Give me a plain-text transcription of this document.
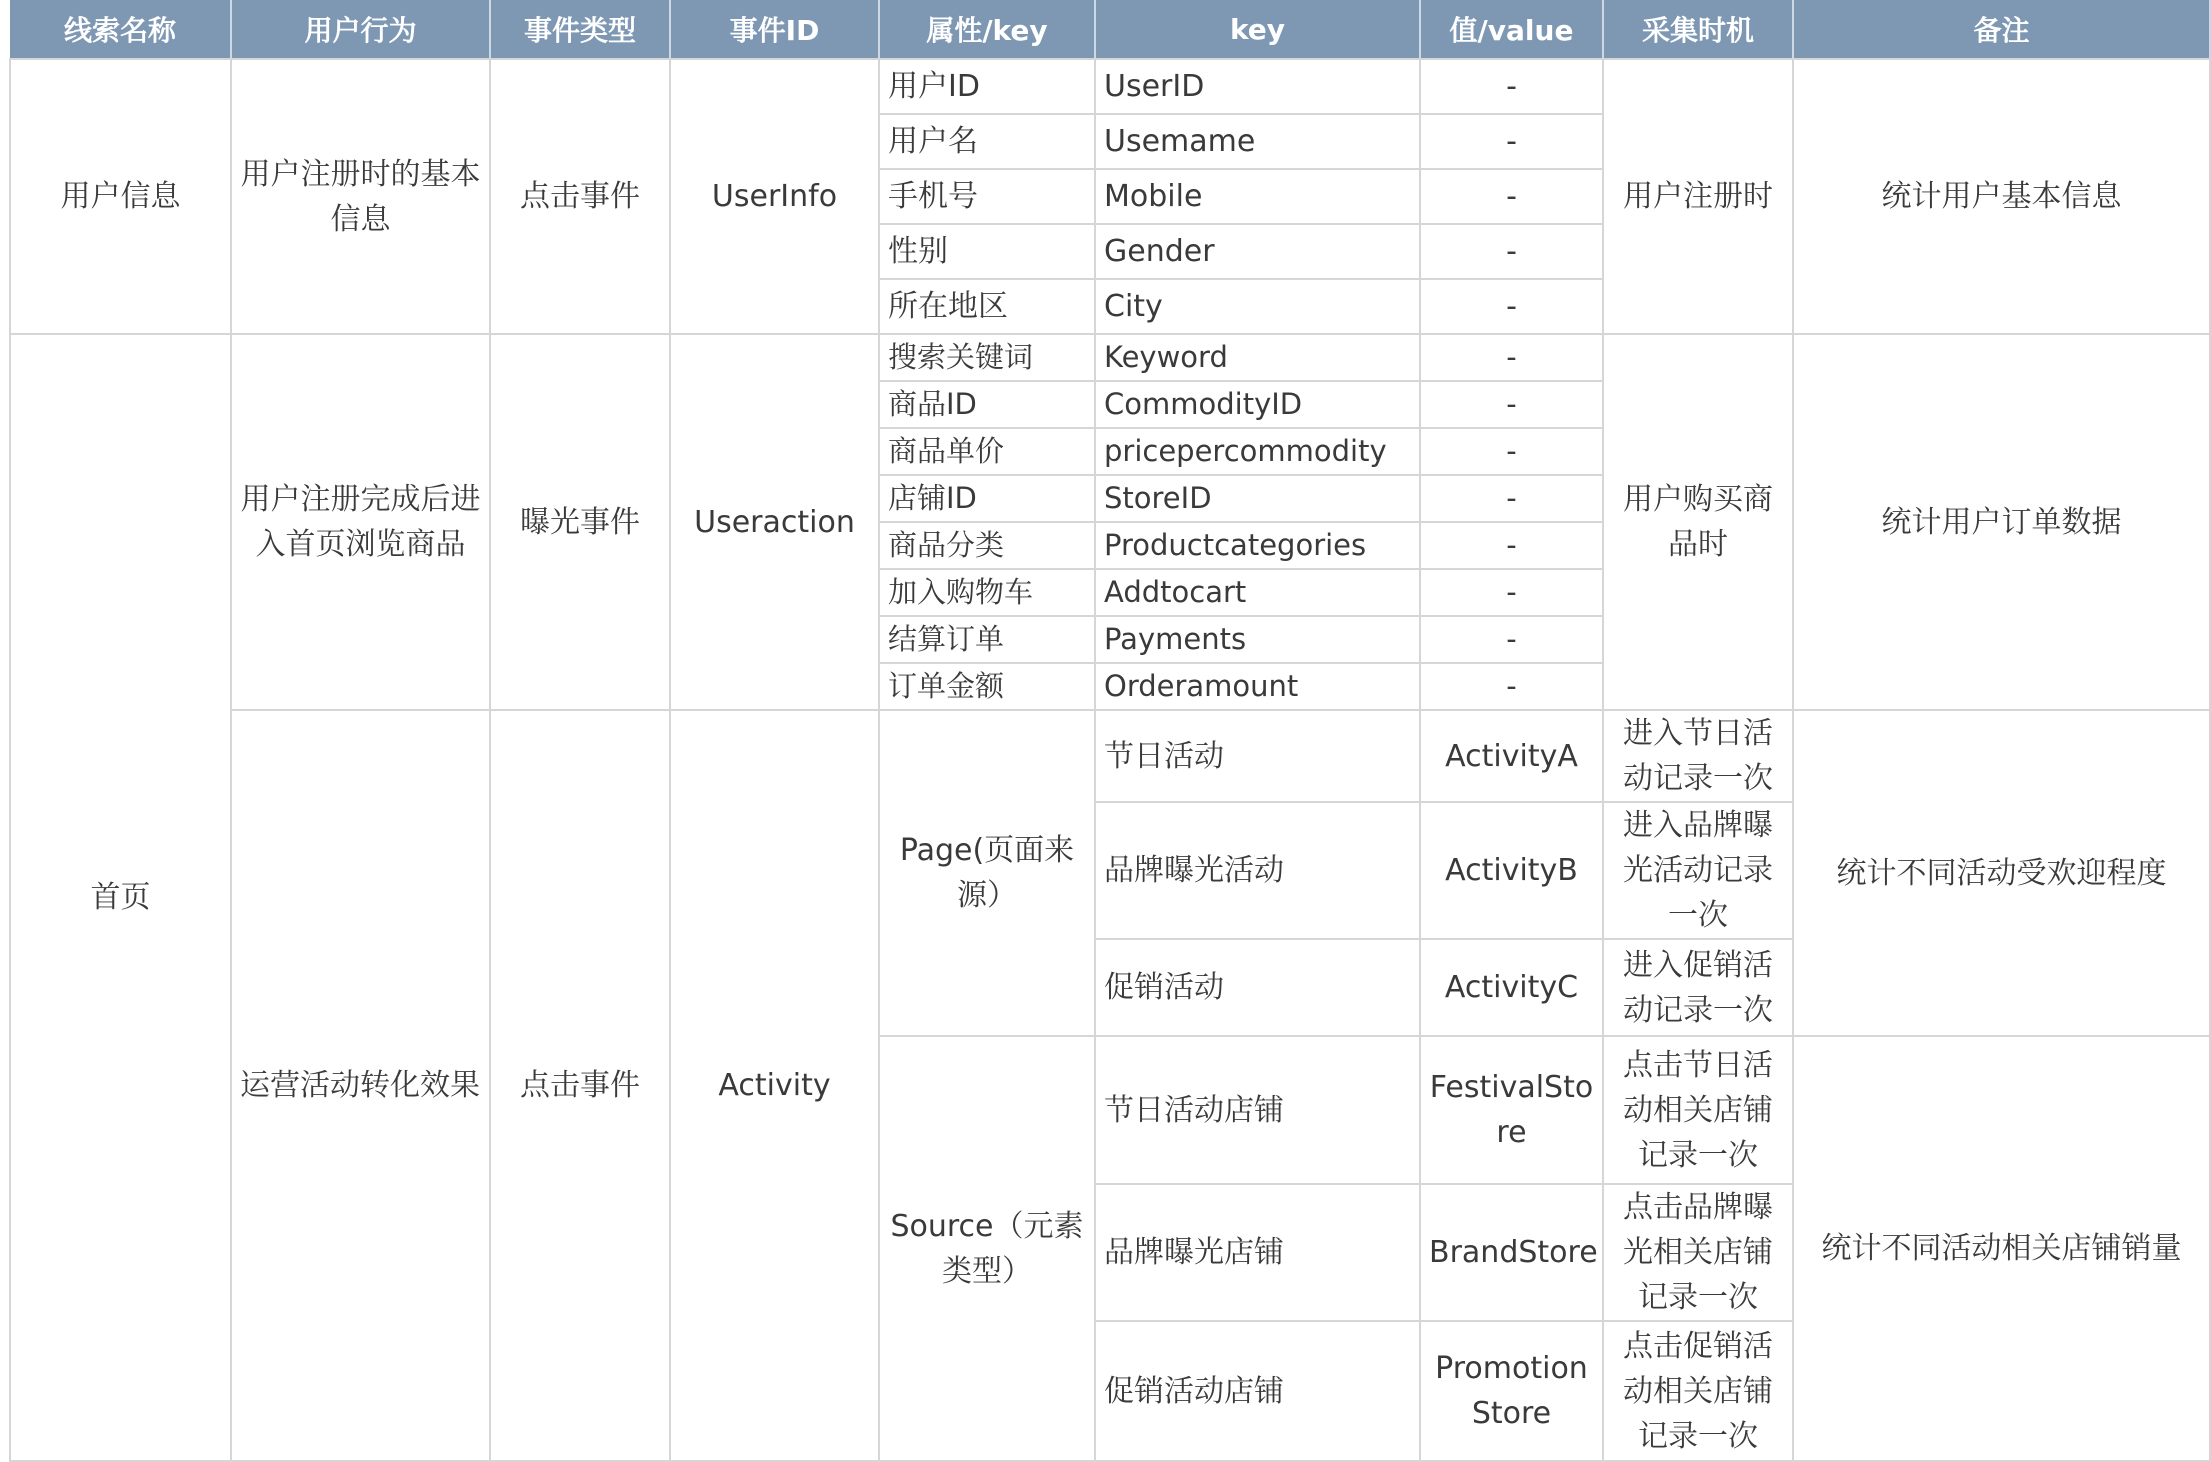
线索名称	用户行为	事件类型	事件ID	属性/key	key	值/value	采集时机	备注
用户信息	用户注册时的基本信息	点击事件	UserInfo	用户ID	UserID	-	用户注册时	统计用户基本信息
				用户名	Usemame	-		
				手机号	Mobile	-		
				性别	Gender	-		
				所在地区	City	-		
首页	用户注册完成后进入首页浏览商品	曝光事件	Useraction	搜索关键词	Keyword	-	用户购买商品时	统计用户订单数据
				商品ID	CommodityID	-		
				商品单价	pricepercommodity	-		
				店铺ID	StoreID	-		
				商品分类	Productcategories	-		
				加入购物车	Addtocart	-		
				结算订单	Payments	-		
				订单金额	Orderamount	-		
	运营活动转化效果	点击事件	Activity	Page(页面来源）	节日活动	ActivityA	进入节日活动记录一次	统计不同活动受欢迎程度
					品牌曝光活动	ActivityB	进入品牌曝光活动记录一次	
					促销活动	ActivityC	进入促销活动记录一次	
				Source（元素类型）	节日活动店铺	FestivalStore	点击节日活动相关店铺记录一次	统计不同活动相关店铺销量
					品牌曝光店铺	BrandStore	点击品牌曝光相关店铺记录一次	
					促销活动店铺	Promotion Store	点击促销活动相关店铺记录一次	
